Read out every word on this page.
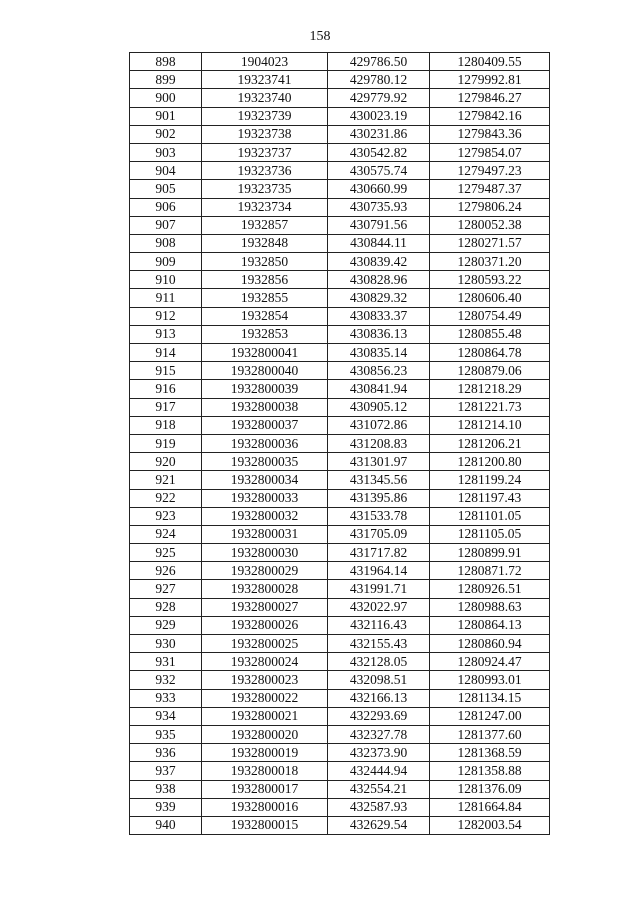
158
898	1904023	429786.50	1280409.55
899	19323741	429780.12	1279992.81
900	19323740	429779.92	1279846.27
901	19323739	430023.19	1279842.16
902	19323738	430231.86	1279843.36
903	19323737	430542.82	1279854.07
904	19323736	430575.74	1279497.23
905	19323735	430660.99	1279487.37
906	19323734	430735.93	1279806.24
907	1932857	430791.56	1280052.38
908	1932848	430844.11	1280271.57
909	1932850	430839.42	1280371.20
910	1932856	430828.96	1280593.22
911	1932855	430829.32	1280606.40
912	1932854	430833.37	1280754.49
913	1932853	430836.13	1280855.48
914	1932800041	430835.14	1280864.78
915	1932800040	430856.23	1280879.06
916	1932800039	430841.94	1281218.29
917	1932800038	430905.12	1281221.73
918	1932800037	431072.86	1281214.10
919	1932800036	431208.83	1281206.21
920	1932800035	431301.97	1281200.80
921	1932800034	431345.56	1281199.24
922	1932800033	431395.86	1281197.43
923	1932800032	431533.78	1281101.05
924	1932800031	431705.09	1281105.05
925	1932800030	431717.82	1280899.91
926	1932800029	431964.14	1280871.72
927	1932800028	431991.71	1280926.51
928	1932800027	432022.97	1280988.63
929	1932800026	432116.43	1280864.13
930	1932800025	432155.43	1280860.94
931	1932800024	432128.05	1280924.47
932	1932800023	432098.51	1280993.01
933	1932800022	432166.13	1281134.15
934	1932800021	432293.69	1281247.00
935	1932800020	432327.78	1281377.60
936	1932800019	432373.90	1281368.59
937	1932800018	432444.94	1281358.88
938	1932800017	432554.21	1281376.09
939	1932800016	432587.93	1281664.84
940	1932800015	432629.54	1282003.54
